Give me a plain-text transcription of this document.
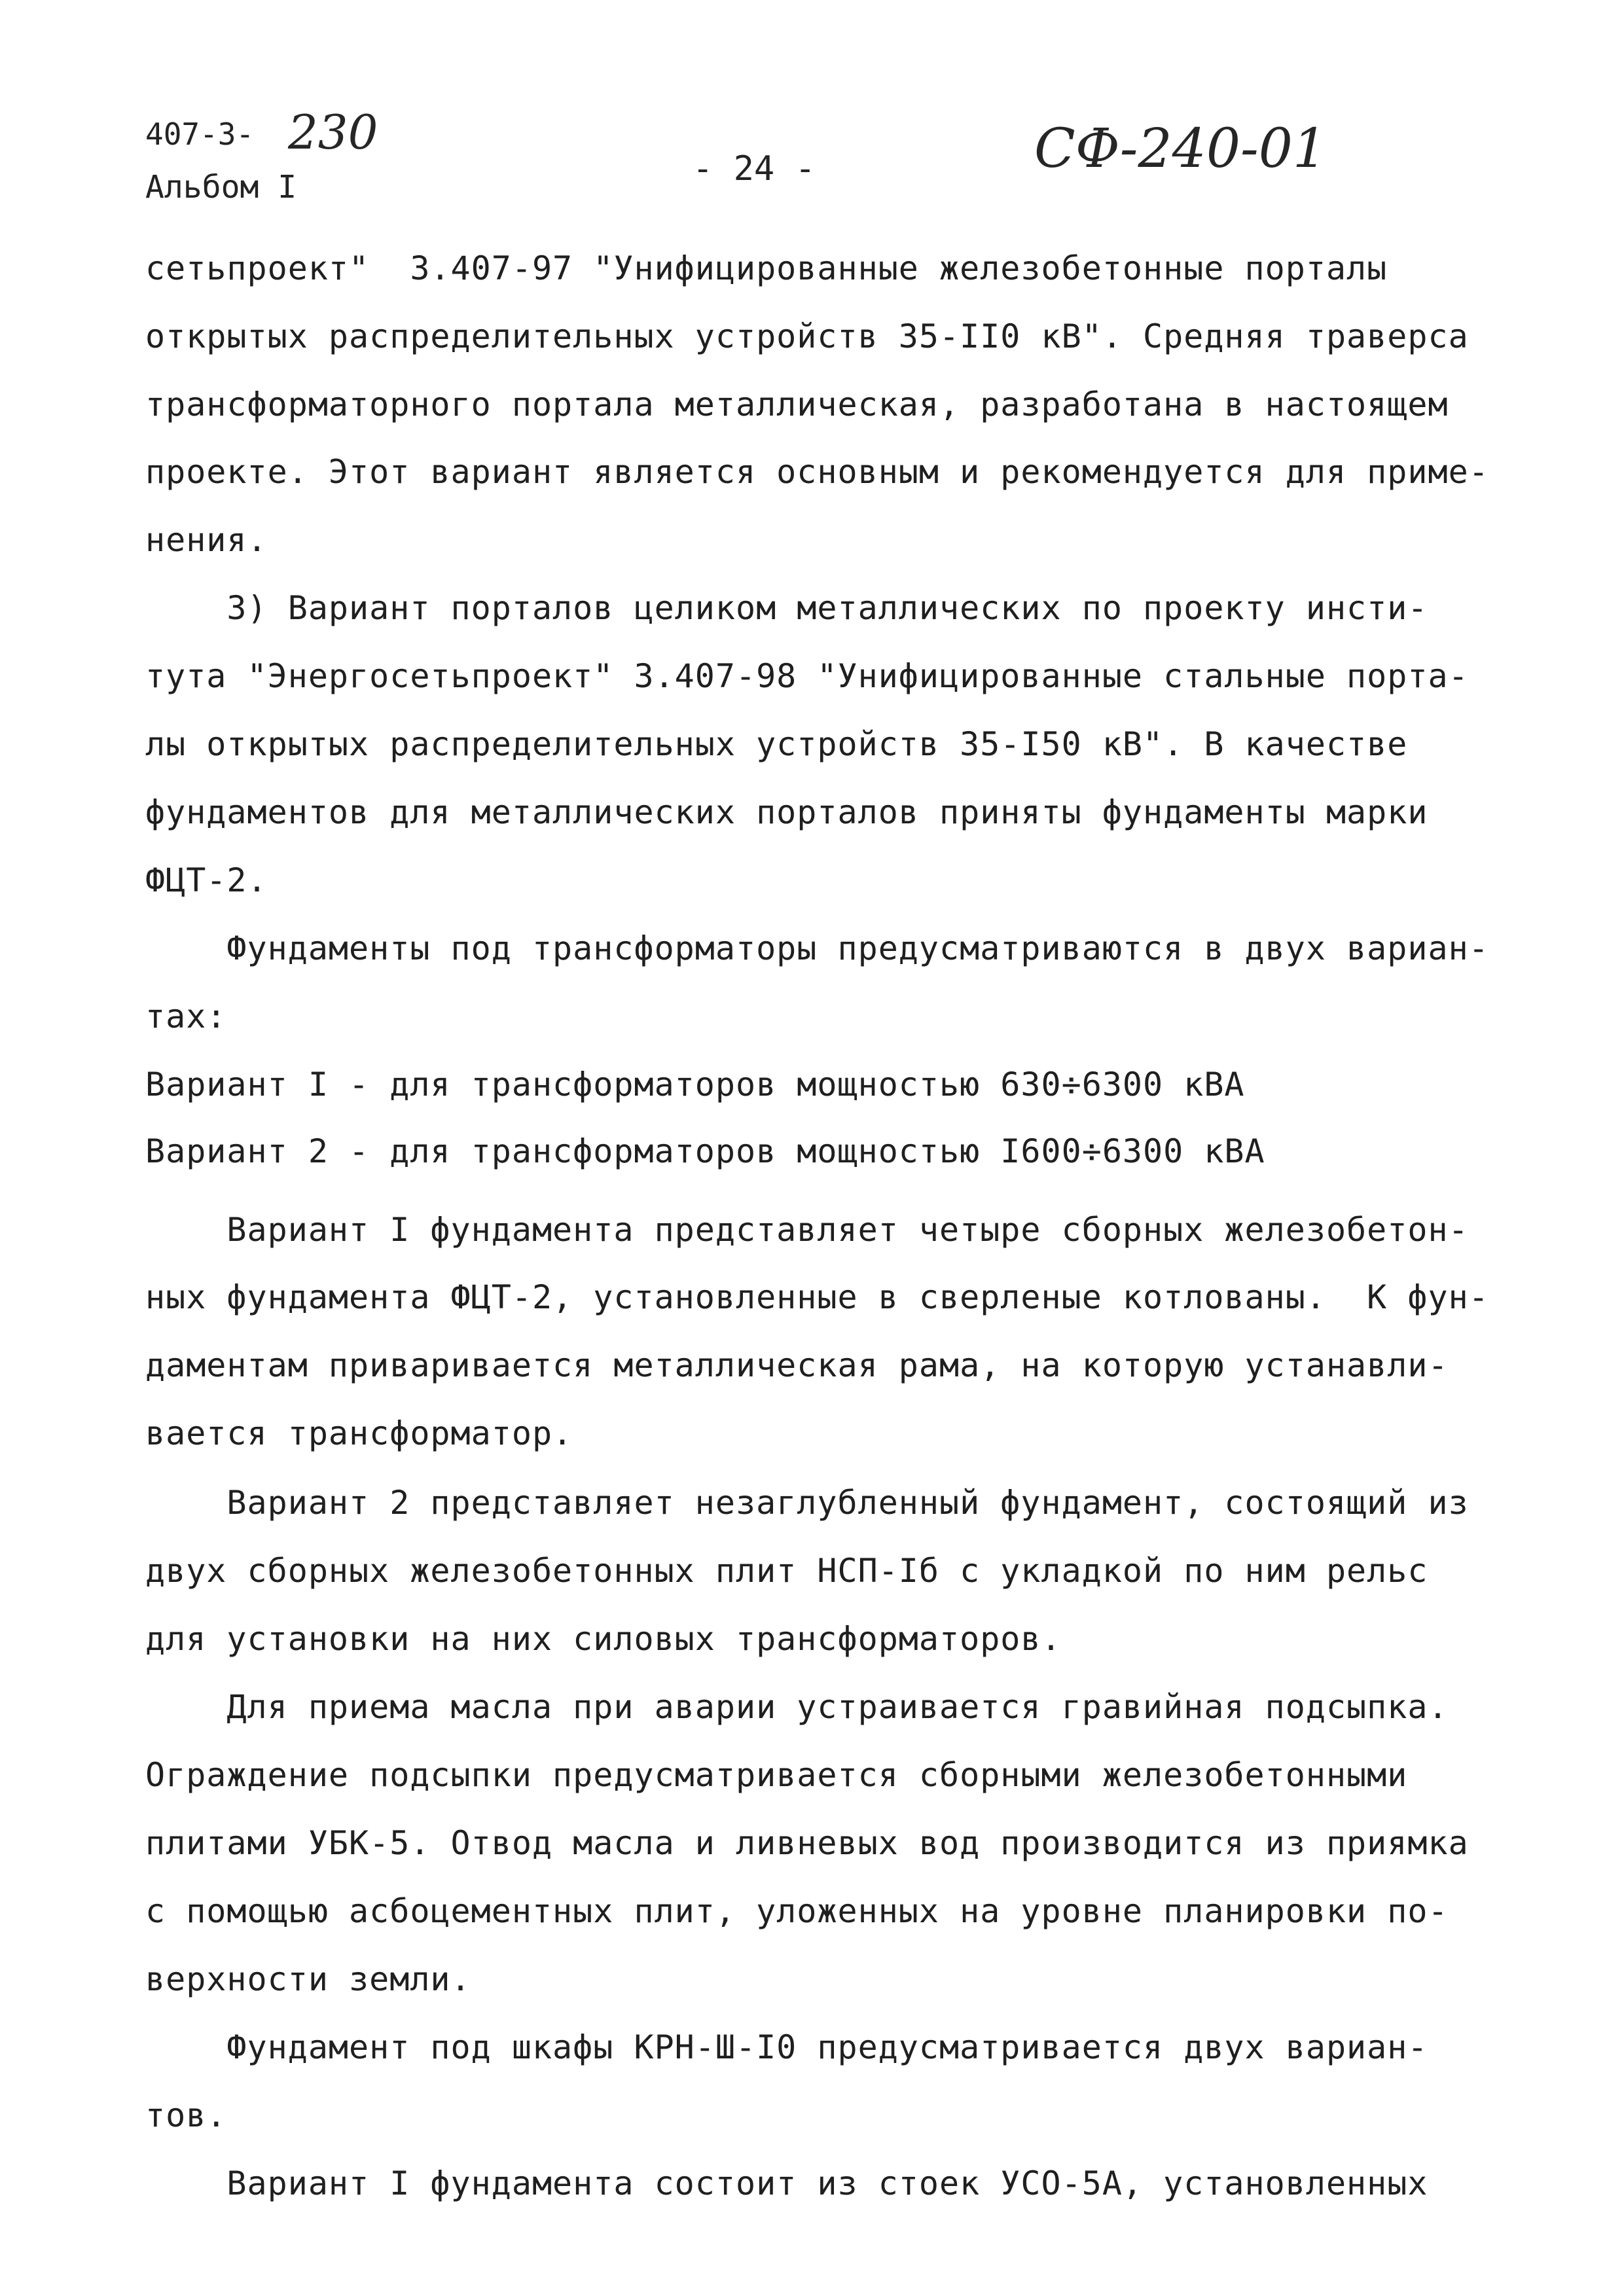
407-3- 230
Альбом I	- 24 -	СФ-240-01
сетьпроект"  3.407-97 "Унифицированные железобетонные порталы
открытых распределительных устройств 35-II0 кВ". Средняя траверса
трансформаторного портала металлическая, разработана в настоящем
проекте. Этот вариант является основным и рекомендуется для приме-
нения.
3) Вариант порталов целиком металлических по проекту инсти-
тута "Энергосетьпроект" 3.407-98 "Унифицированные стальные порта-
лы открытых распределительных устройств 35-I50 кВ". В качестве
фундаментов для металлических порталов приняты фундаменты марки
ФЦТ-2.
Фундаменты под трансформаторы предусматриваются в двух вариан-
тах:
Вариант I - для трансформаторов мощностью 630÷6300 кВА
Вариант 2 - для трансформаторов мощностью I600÷6300 кВА
Вариант I фундамента представляет четыре сборных железобетон-
ных фундамента ФЦТ-2, установленные в сверленые котлованы.  К фун-
даментам приваривается металлическая рама, на которую устанавли-
вается трансформатор.
Вариант 2 представляет незаглубленный фундамент, состоящий из
двух сборных железобетонных плит НСП-Iб с укладкой по ним рельс
для установки на них силовых трансформаторов.
Для приема масла при аварии устраивается гравийная подсыпка.
Ограждение подсыпки предусматривается сборными железобетонными
плитами УБК-5. Отвод масла и ливневых вод производится из приямка
с помощью асбоцементных плит, уложенных на уровне планировки по-
верхности земли.
Фундамент под шкафы КРН-Ш-I0 предусматривается двух вариан-
тов.
Вариант I фундамента состоит из стоек УСО-5А, установленных
